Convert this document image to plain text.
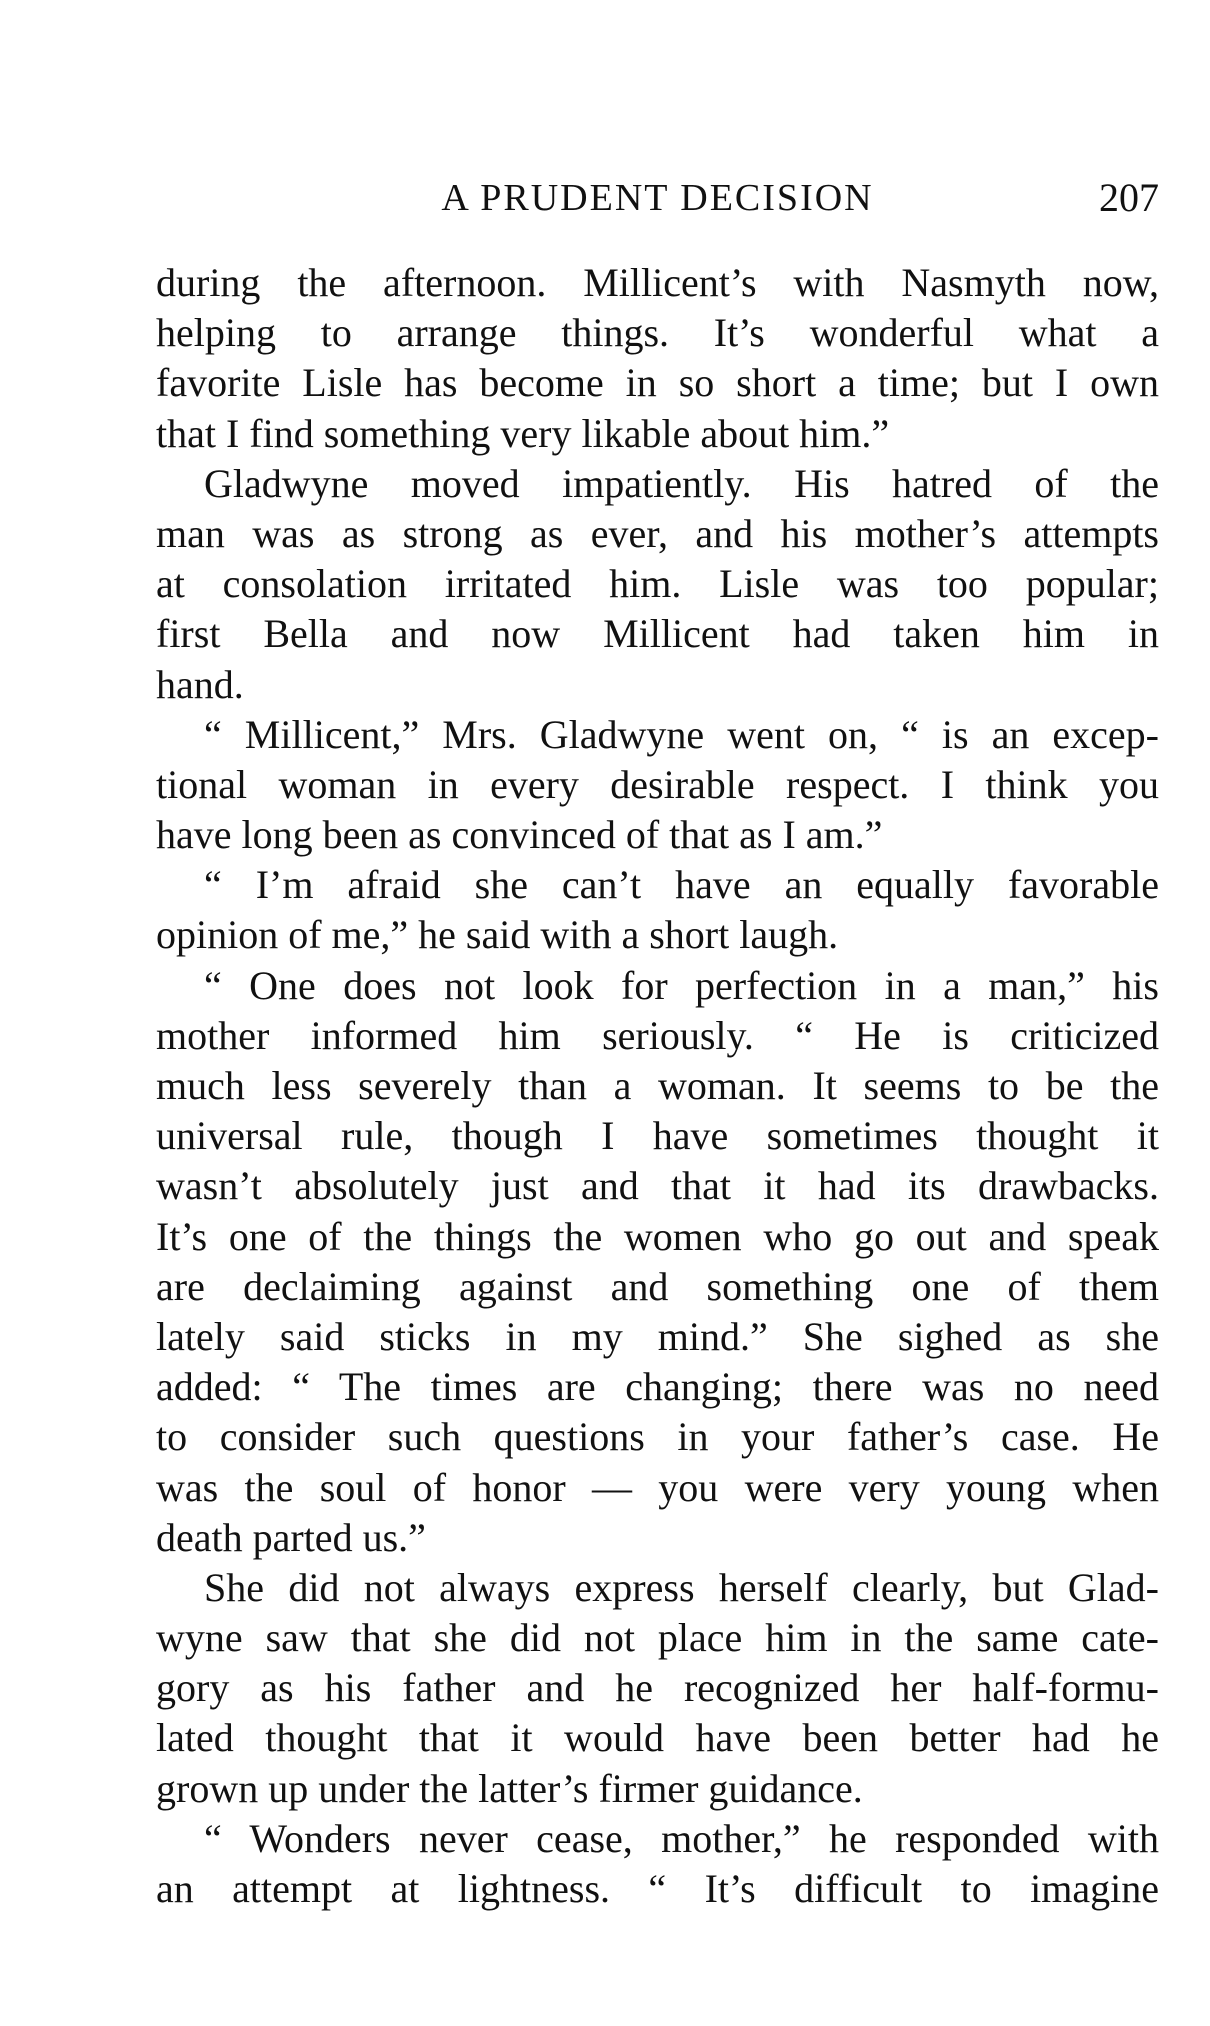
A PRUDENT DECISION	207
during the afternoon. Millicent’s with Nasmyth now,
helping to arrange things. It’s wonderful what a
favorite Lisle has become in so short a time; but I own
that I find something very likable about him.”
Gladwyne moved impatiently. His hatred of the
man was as strong as ever, and his mother’s attempts
at consolation irritated him. Lisle was too popular;
first Bella and now Millicent had taken him in
hand.
“ Millicent,” Mrs. Gladwyne went on, “ is an excep-
tional woman in every desirable respect. I think you
have long been as convinced of that as I am.”
“ I’m afraid she can’t have an equally favorable
opinion of me,” he said with a short laugh.
“ One does not look for perfection in a man,” his
mother informed him seriously. “ He is criticized
much less severely than a woman. It seems to be the
universal rule, though I have sometimes thought it
wasn’t absolutely just and that it had its drawbacks.
It’s one of the things the women who go out and speak
are declaiming against and something one of them
lately said sticks in my mind.” She sighed as she
added: “ The times are changing; there was no need
to consider such questions in your father’s case. He
was the soul of honor — you were very young when
death parted us.”
She did not always express herself clearly, but Glad-
wyne saw that she did not place him in the same cate-
gory as his father and he recognized her half-formu-
lated thought that it would have been better had he
grown up under the latter’s firmer guidance.
“ Wonders never cease, mother,” he responded with
an attempt at lightness. “ It’s difficult to imagine
